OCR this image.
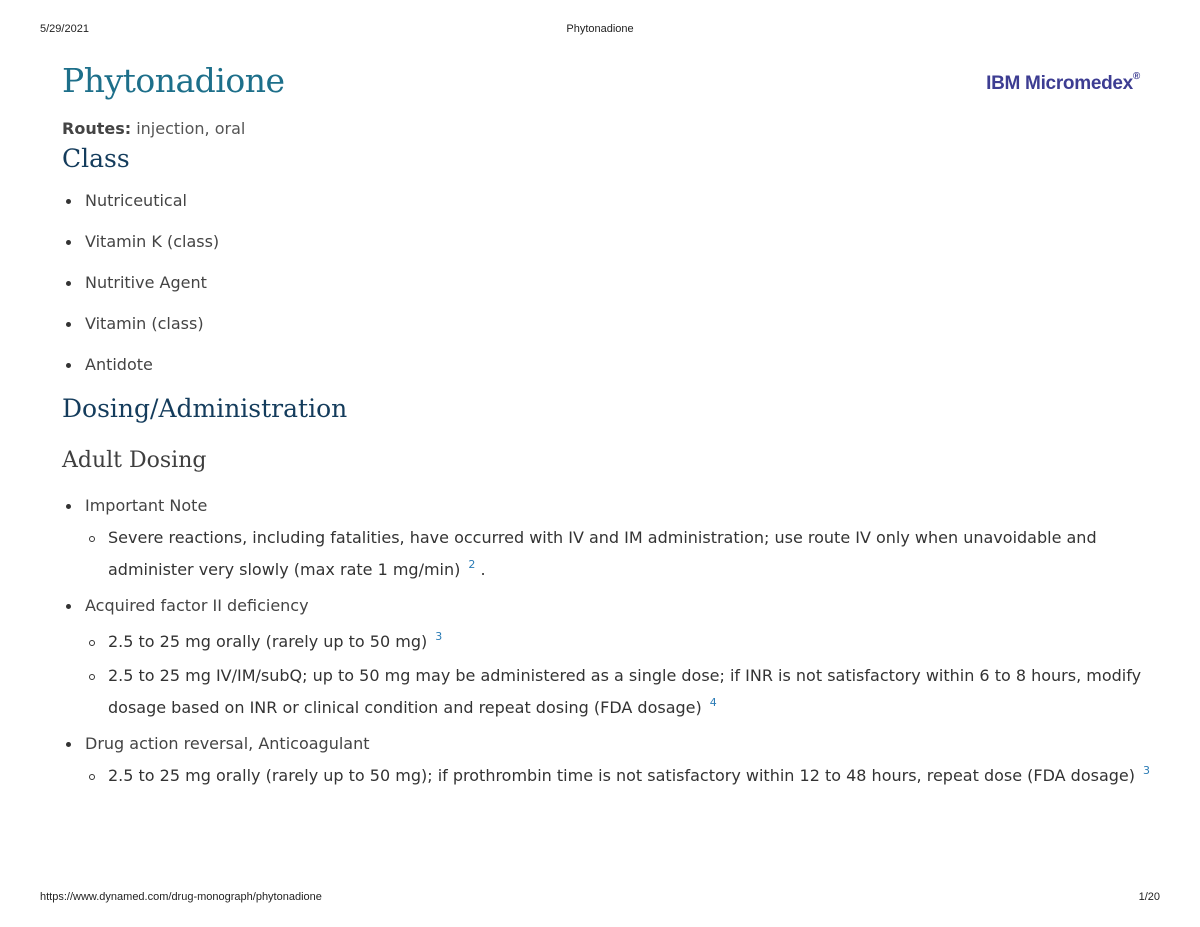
5/29/2021	Phytonadione
IBM Micromedex®
Phytonadione
Routes: injection, oral
Class
Nutriceutical
Vitamin K (class)
Nutritive Agent
Vitamin (class)
Antidote
Dosing/Administration
Adult Dosing
Important Note
Severe reactions, including fatalities, have occurred with IV and IM administration; use route IV only when unavoidable and administer very slowly (max rate 1 mg/min) $^2$ .
Acquired factor II deficiency
2.5 to 25 mg orally (rarely up to 50 mg) $^3$
2.5 to 25 mg IV/IM/subQ; up to 50 mg may be administered as a single dose; if INR is not satisfactory within 6 to 8 hours, modify dosage based on INR or clinical condition and repeat dosing (FDA dosage) $^4$
Drug action reversal, Anticoagulant
2.5 to 25 mg orally (rarely up to 50 mg); if prothrombin time is not satisfactory within 12 to 48 hours, repeat dose (FDA dosage) $^3$
https://www.dynamed.com/drug-monograph/phytonadione	1/20
